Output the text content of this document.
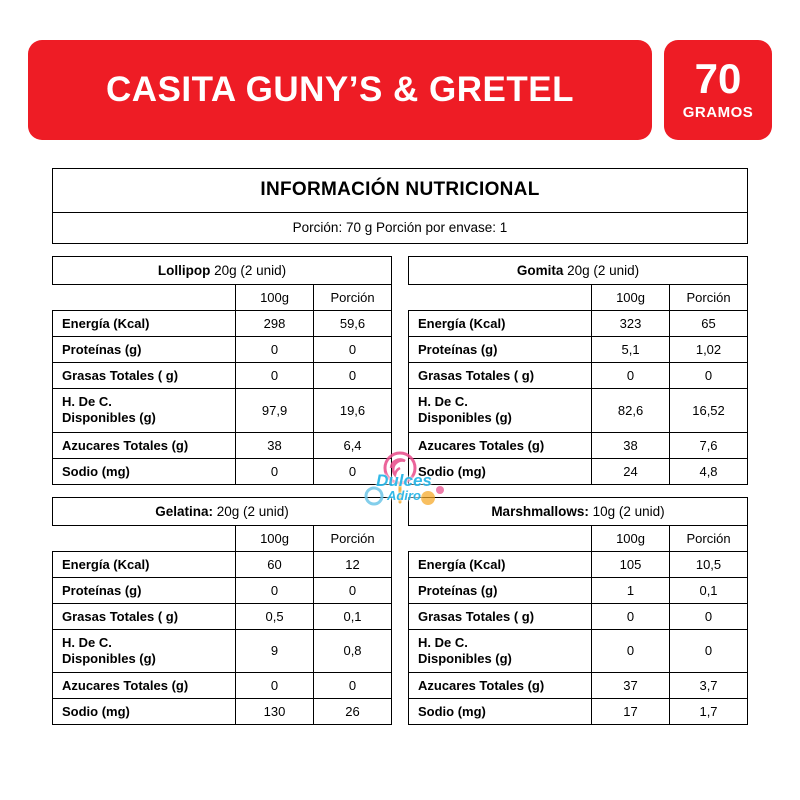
CASITA GUNY’S & GRETEL	70
GRAMOS
INFORMACIÓN NUTRICIONAL
Porción: 70 g Porción por envase: 1
Lollipop 20g (2 unid)		
	100g	Porción
Energía (Kcal)	298	59,6
Proteínas (g)	0	0
Grasas Totales ( g)	0	0
H. De C.
Disponibles (g)	97,9	19,6
Azucares Totales (g)	38	6,4
Sodio (mg)	0	0
Gomita 20g (2 unid)		
	100g	Porción
Energía (Kcal)	323	65
Proteínas (g)	5,1	1,02
Grasas Totales ( g)	0	0
H. De C.
Disponibles (g)	82,6	16,52
Azucares Totales (g)	38	7,6
Sodio (mg)	24	4,8
Gelatina: 20g (2 unid)		
	100g	Porción
Energía (Kcal)	60	12
Proteínas (g)	0	0
Grasas Totales ( g)	0,5	0,1
H. De C.
Disponibles (g)	9	0,8
Azucares Totales (g)	0	0
Sodio (mg)	130	26
Marshmallows: 10g (2 unid)		
	100g	Porción
Energía (Kcal)	105	10,5
Proteínas (g)	1	0,1
Grasas Totales ( g)	0	0
H. De C.
Disponibles (g)	0	0
Azucares Totales (g)	37	3,7
Sodio (mg)	17	1,7
Dulces
Adiro
